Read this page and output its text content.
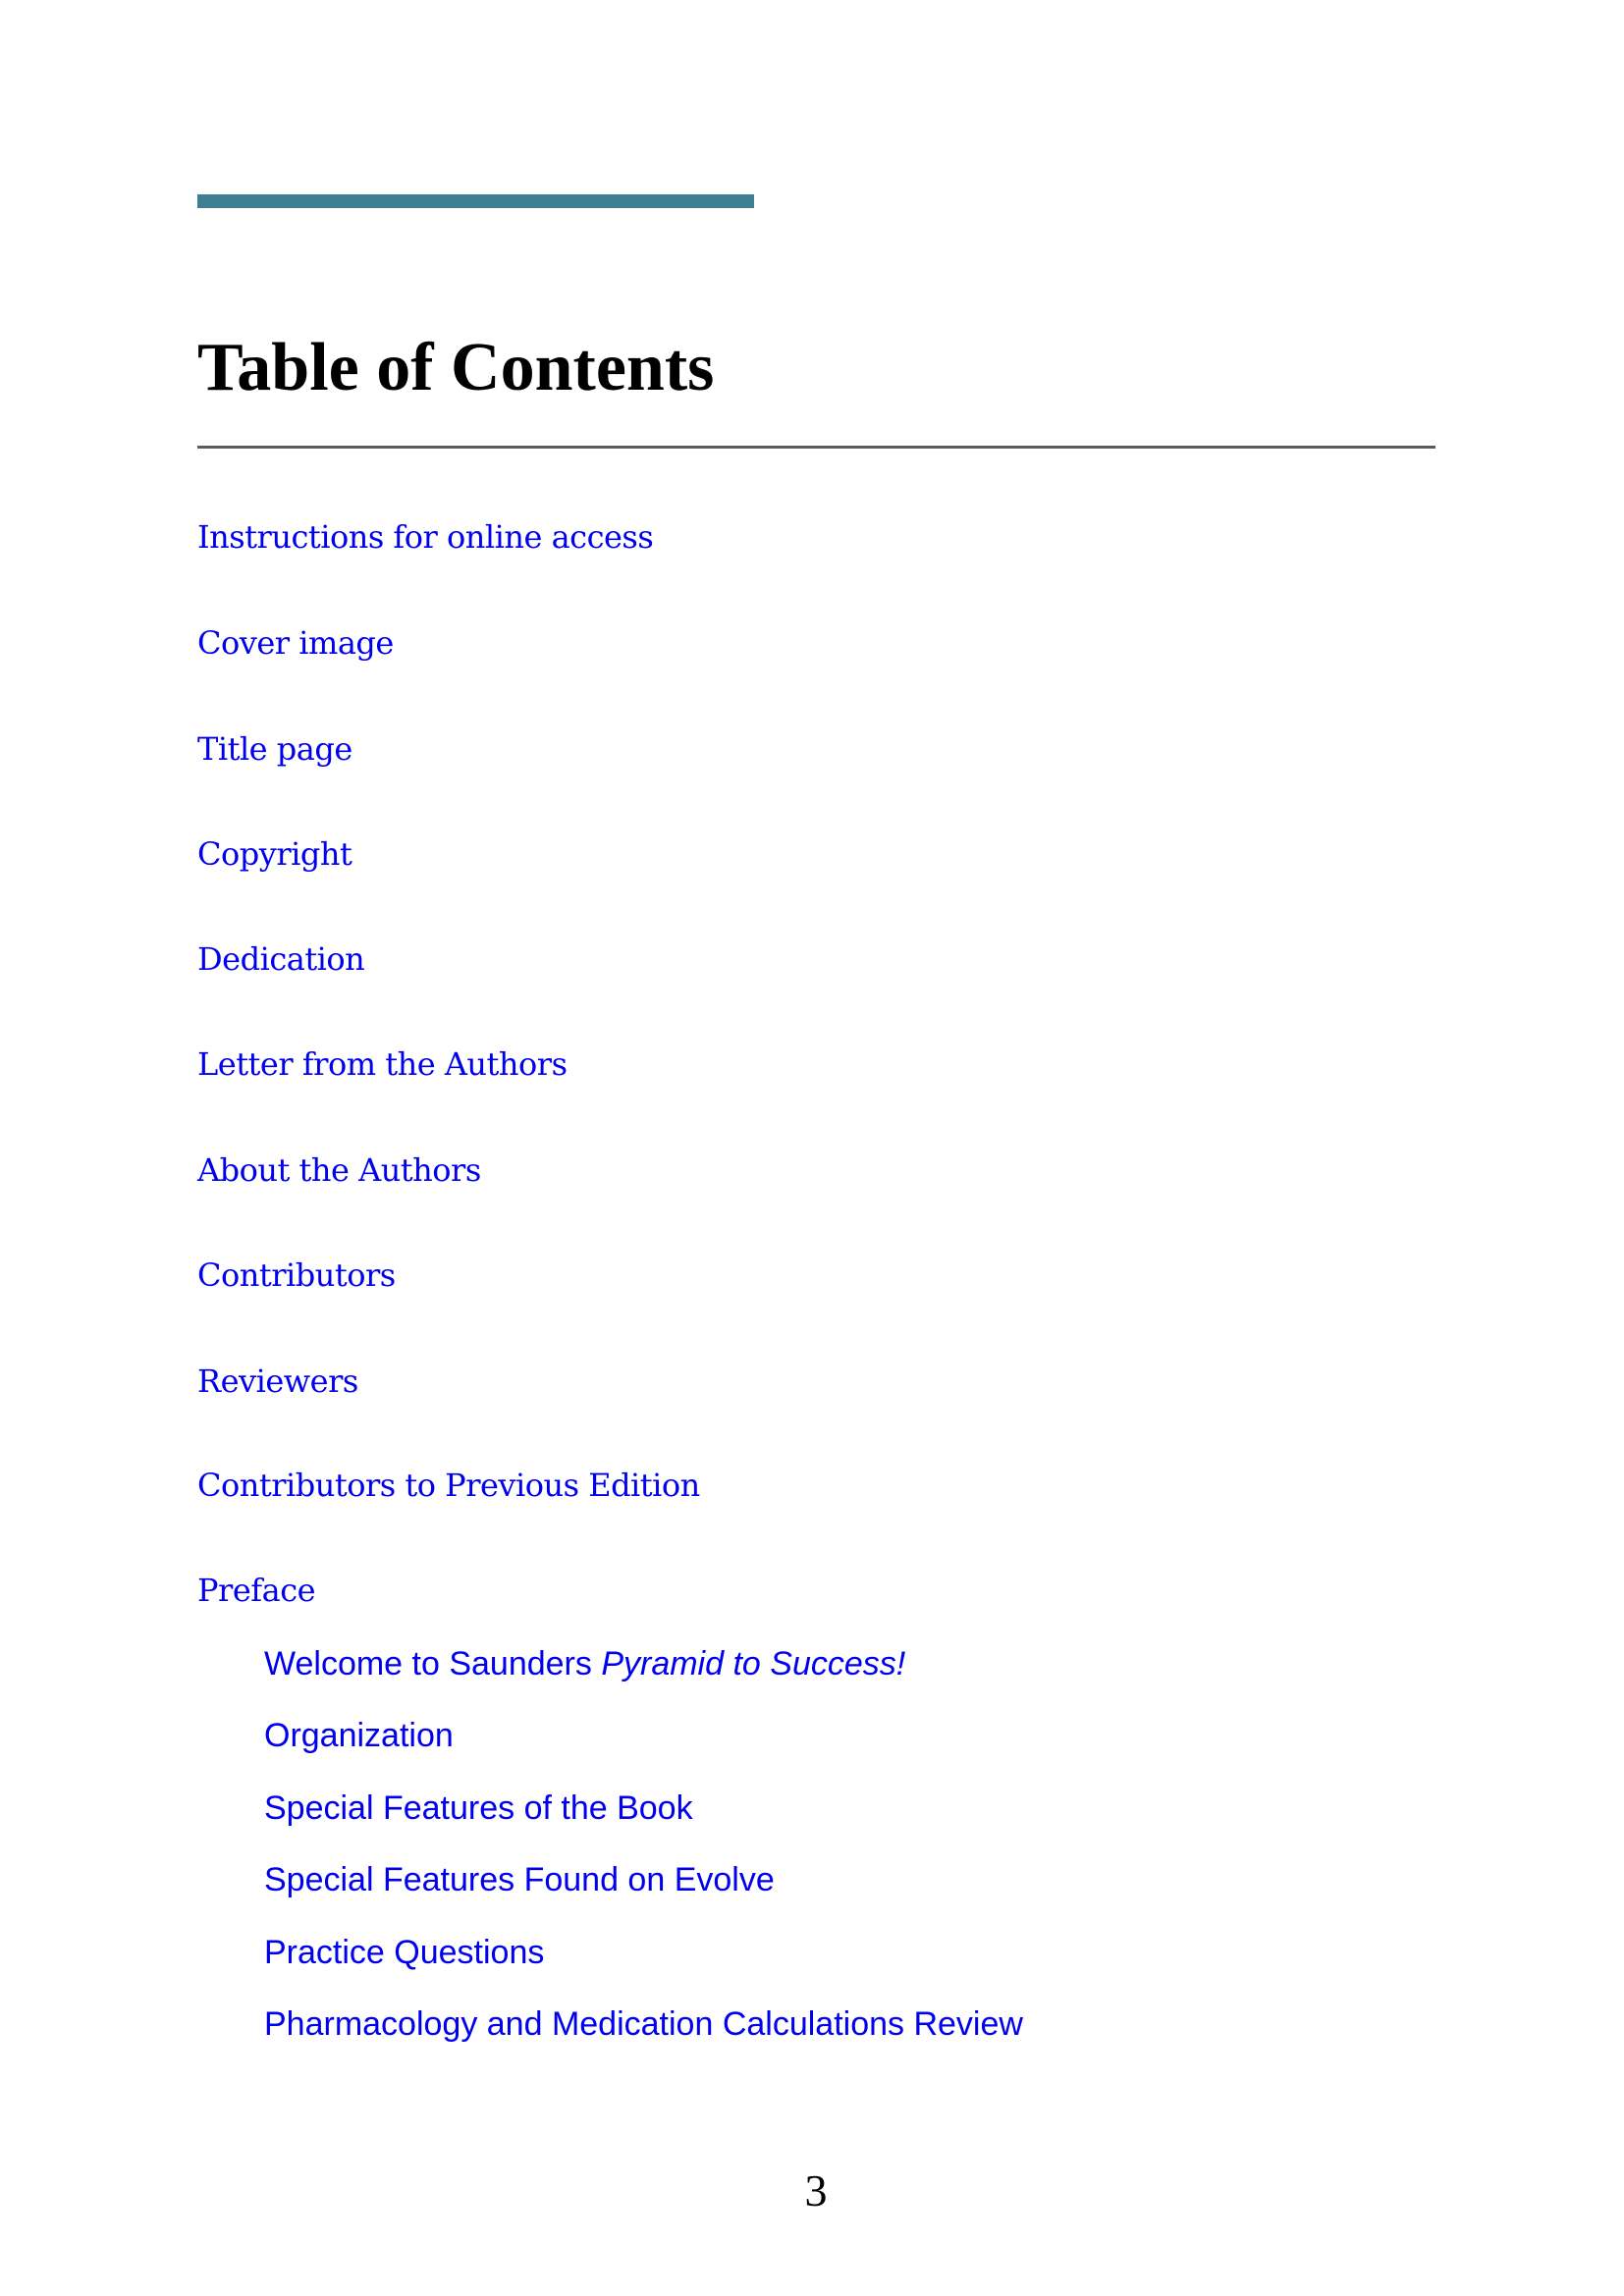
Table of Contents
Instructions for online access
Cover image
Title page
Copyright
Dedication
Letter from the Authors
About the Authors
Contributors
Reviewers
Contributors to Previous Edition
Preface
Welcome to Saunders Pyramid to Success!
Organization
Special Features of the Book
Special Features Found on Evolve
Practice Questions
Pharmacology and Medication Calculations Review
3
